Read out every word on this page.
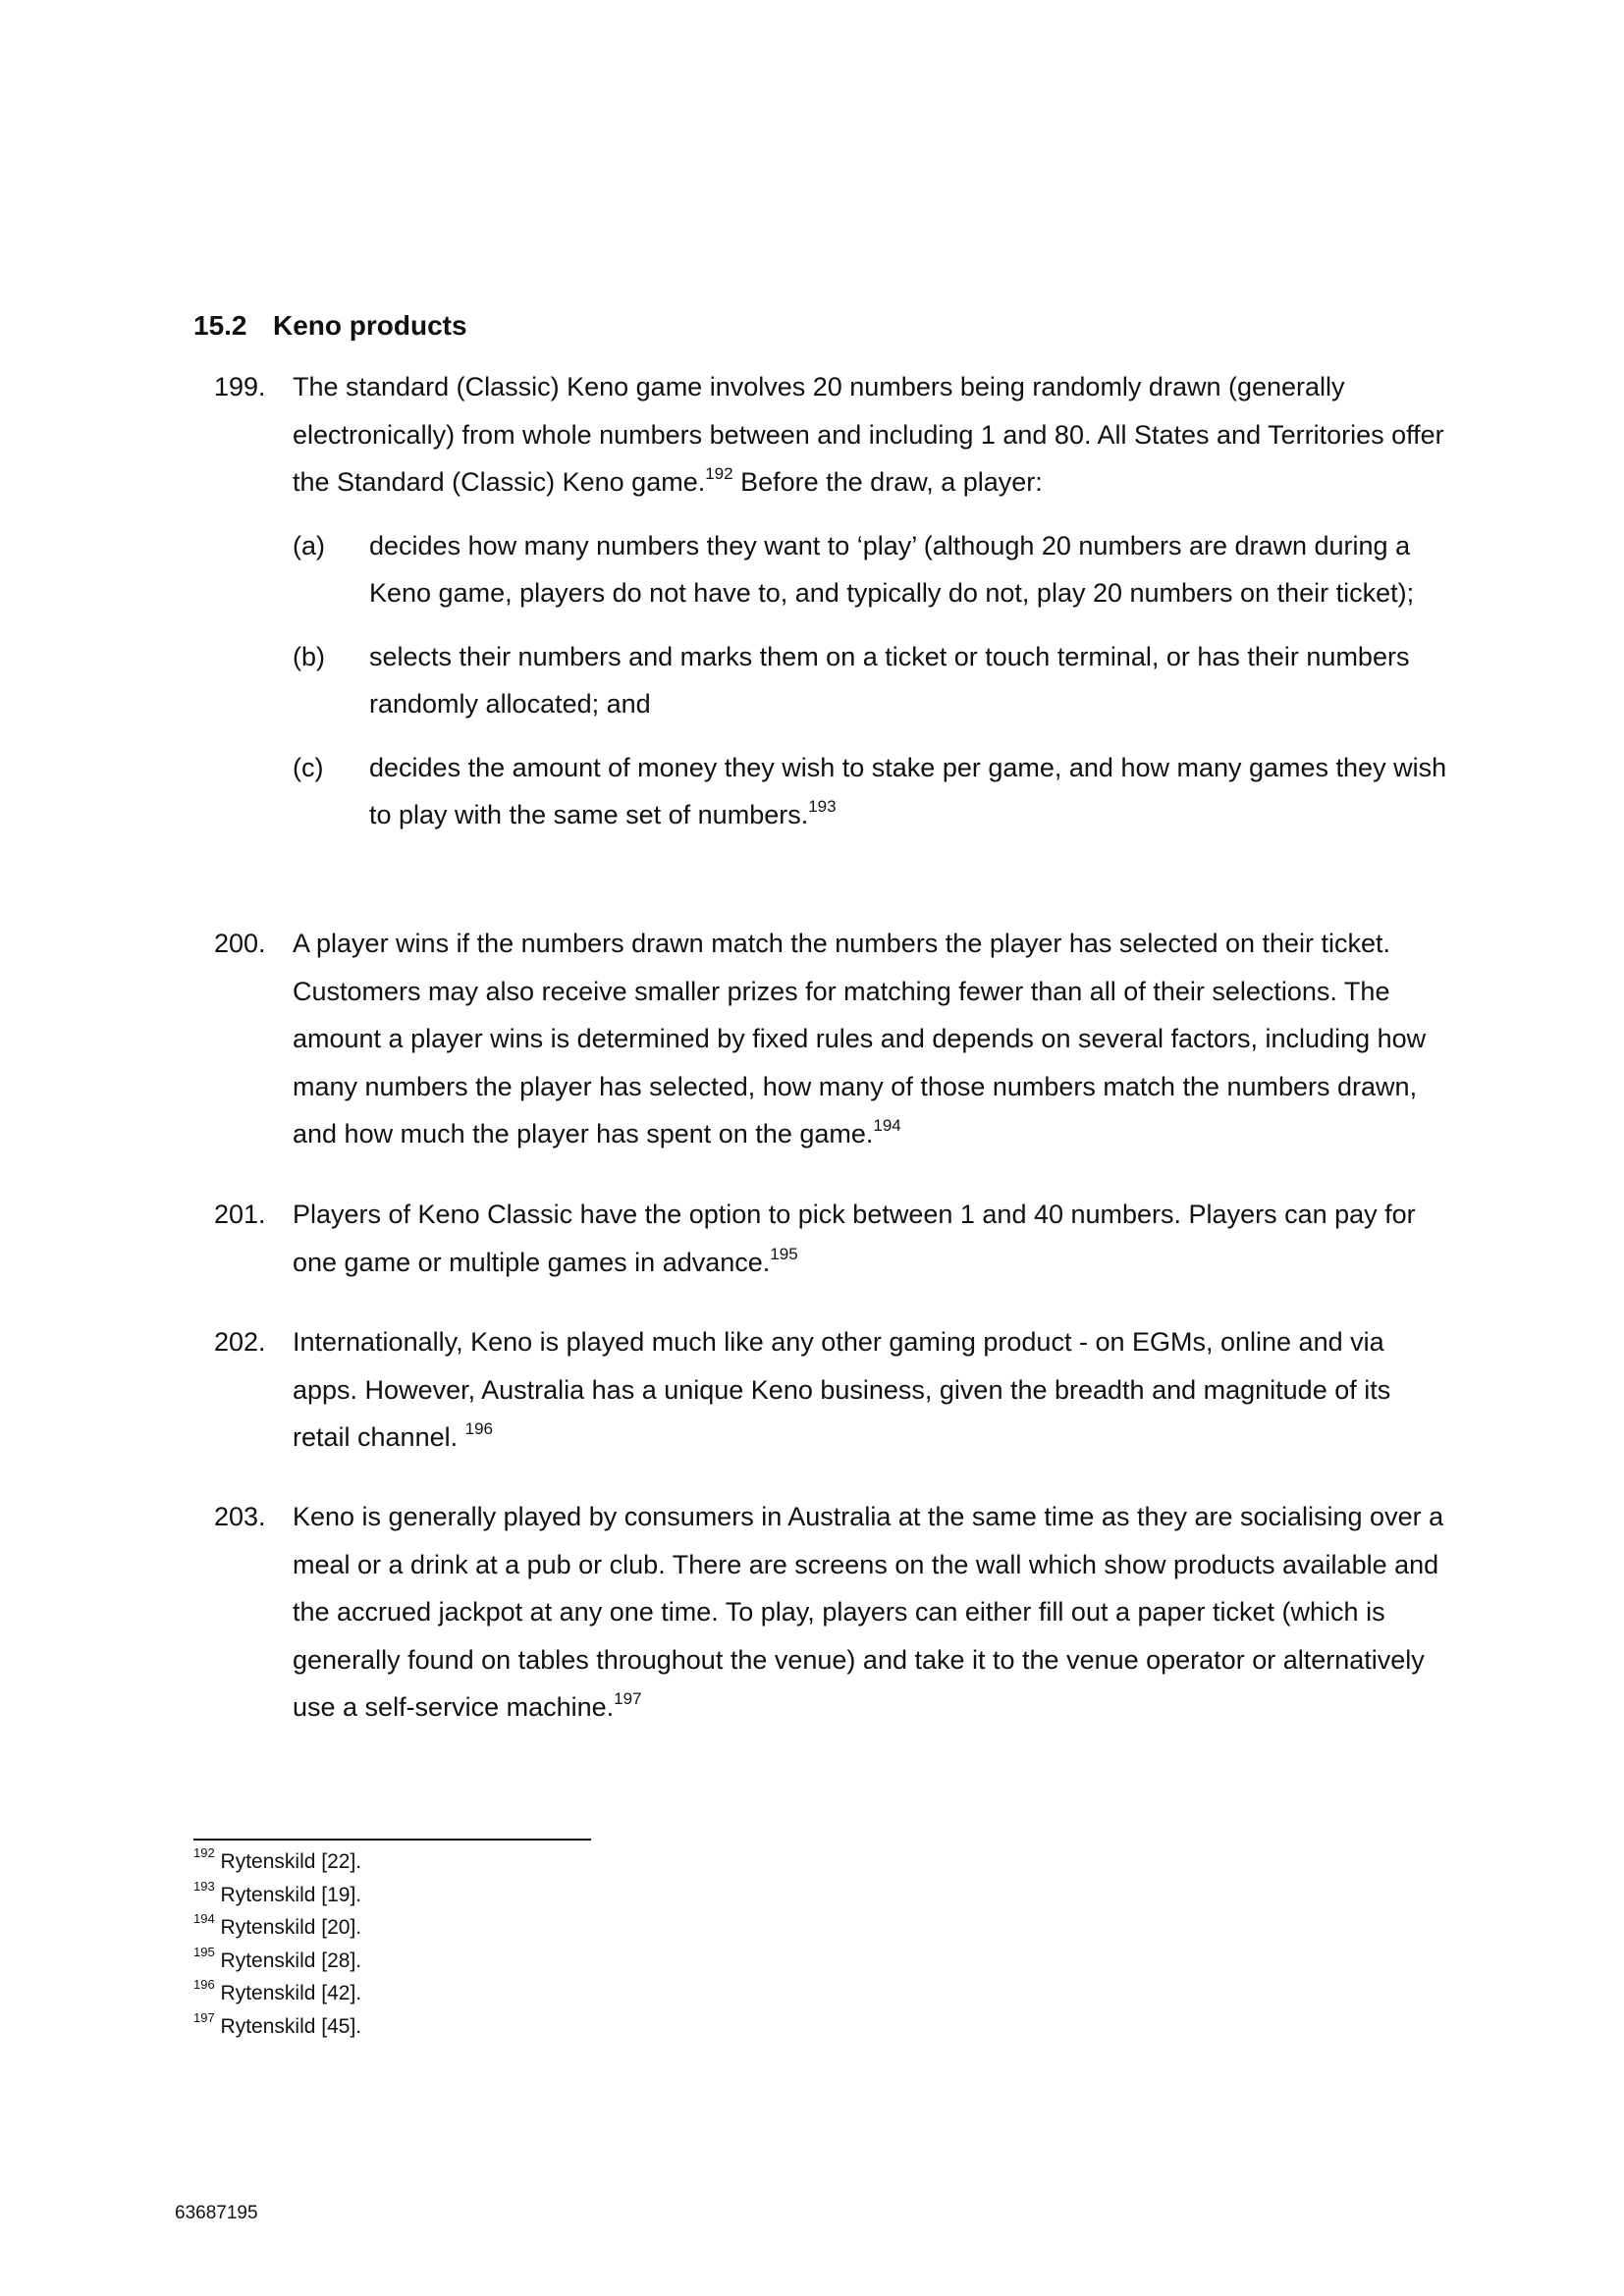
15.2 Keno products
199. The standard (Classic) Keno game involves 20 numbers being randomly drawn (generally electronically) from whole numbers between and including 1 and 80. All States and Territories offer the Standard (Classic) Keno game.$^{192}$ Before the draw, a player:

(a) decides how many numbers they want to ‘play’ (although 20 numbers are drawn during a Keno game, players do not have to, and typically do not, play 20 numbers on their ticket);
(b) selects their numbers and marks them on a ticket or touch terminal, or has their numbers randomly allocated; and
(c) decides the amount of money they wish to stake per game, and how many games they wish to play with the same set of numbers.$^{193}$
200. A player wins if the numbers drawn match the numbers the player has selected on their ticket. Customers may also receive smaller prizes for matching fewer than all of their selections. The amount a player wins is determined by fixed rules and depends on several factors, including how many numbers the player has selected, how many of those numbers match the numbers drawn, and how much the player has spent on the game.$^{194}$

201. Players of Keno Classic have the option to pick between 1 and 40 numbers. Players can pay for one game or multiple games in advance.$^{195}$

202. Internationally, Keno is played much like any other gaming product - on EGMs, online and via apps. However, Australia has a unique Keno business, given the breadth and magnitude of its retail channel. $^{196}$

203. Keno is generally played by consumers in Australia at the same time as they are socialising over a meal or a drink at a pub or club. There are screens on the wall which show products available and the accrued jackpot at any one time. To play, players can either fill out a paper ticket (which is generally found on tables throughout the venue) and take it to the venue operator or alternatively use a self-service machine.$^{197}$

$^{192}$ Rytenskild [22].
$^{193}$ Rytenskild [19].
$^{194}$ Rytenskild [20].
$^{195}$ Rytenskild [28].
$^{196}$ Rytenskild [42].
$^{197}$ Rytenskild [45].
63687195
